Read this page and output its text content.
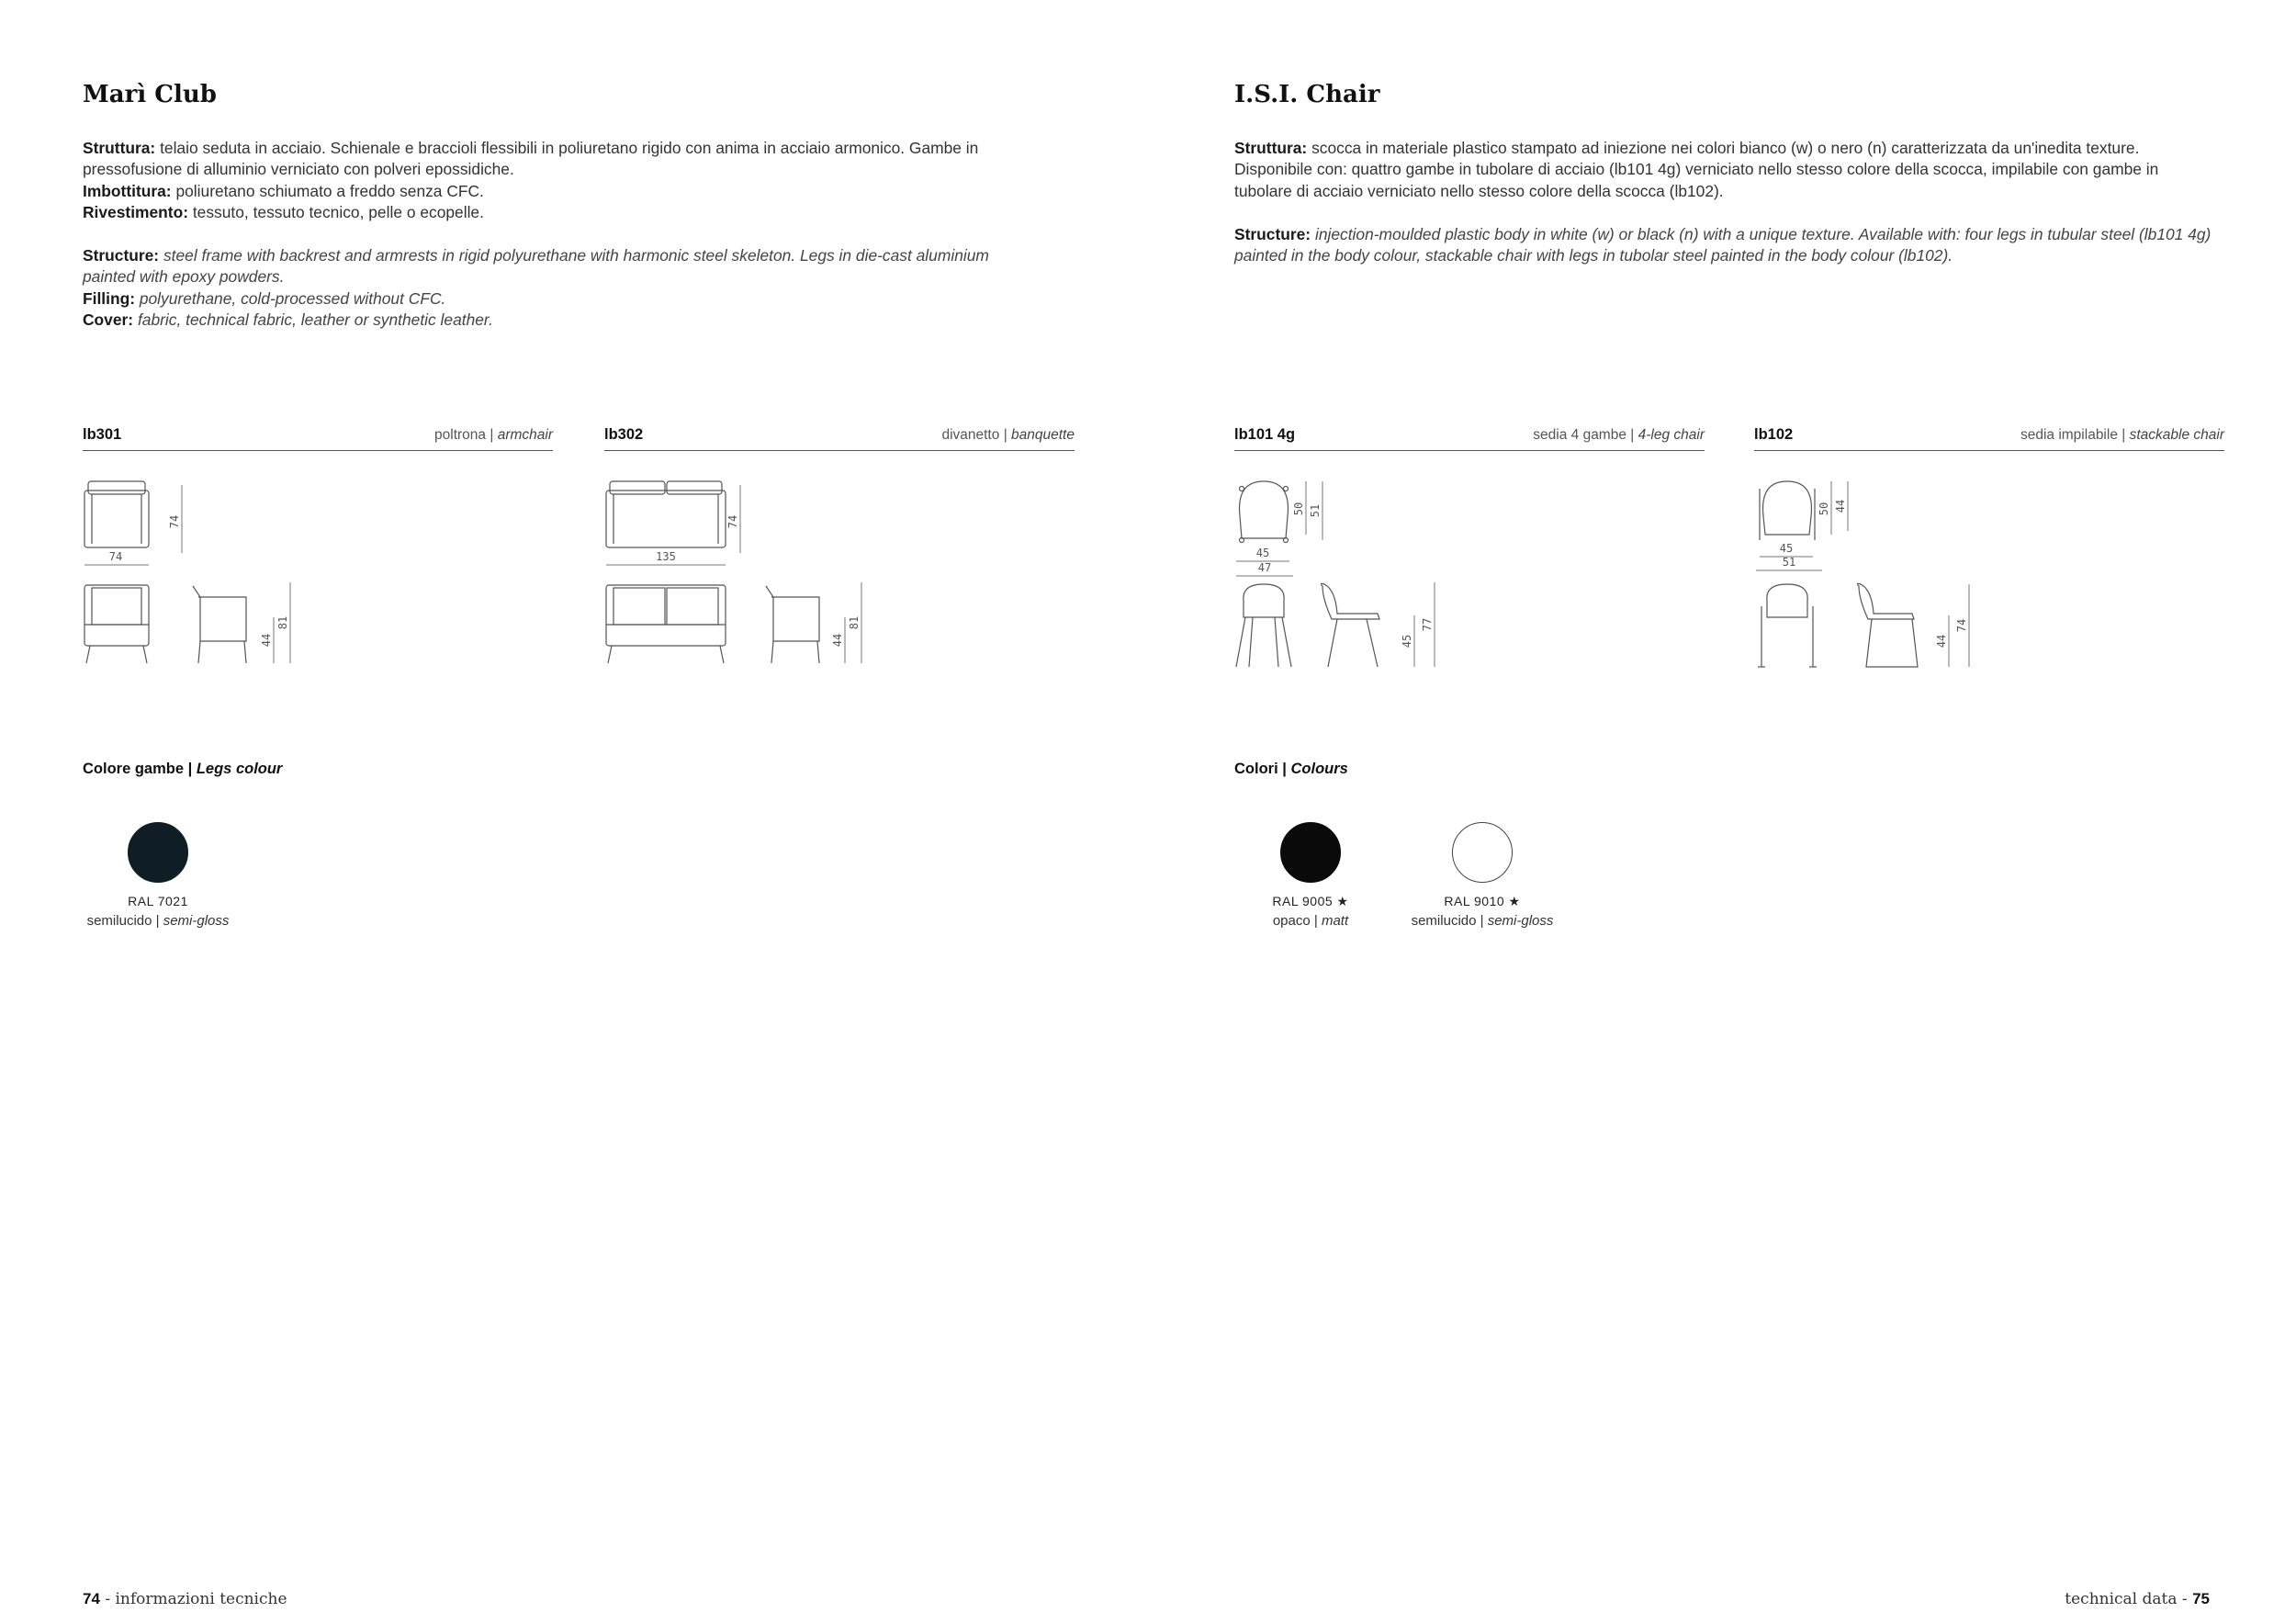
Marì Club

Struttura: telaio seduta in acciaio. Schienale e braccioli flessibili in poliuretano rigido con anima in acciaio armonico. Gambe in pressofusione di alluminio verniciato con polveri epossidiche.
Imbottitura: poliuretano schiumato a freddo senza CFC.
Rivestimento: tessuto, tessuto tecnico, pelle o ecopelle.

Structure: steel frame with backrest and armrests in rigid polyurethane with harmonic steel skeleton. Legs in die-cast aluminium painted with epoxy powders.
Filling: polyurethane, cold-processed without CFC.
Cover: fabric, technical fabric, leather or synthetic leather.

lb301	poltrona | armchair
74
74
44
81
lb302	divanetto | banquette
74
135
44
81
Colore gambe | Legs colour
RAL 7021
semilucido | semi-gloss
74 - informazioni tecniche
I.S.I. Chair

Struttura: scocca in materiale plastico stampato ad iniezione nei colori bianco (w) o nero (n) caratterizzata da un'inedita texture. Disponibile con: quattro gambe in tubolare di acciaio (lb101 4g) verniciato nello stesso colore della scocca, impilabile con gambe in tubolare di acciaio verniciato nello stesso colore della scocca (lb102).

Structure: injection-moulded plastic body in white (w) or black (n) with a unique texture. Available with: four legs in tubular steel (lb101 4g) painted in the body colour, stackable chair with legs in tubolar steel painted in the body colour (lb102).

lb101 4g	sedia 4 gambe | 4-leg chair
50 51
45
47
45
77
lb102	sedia impilabile | stackable chair
50 44
45
51
44
74
Colori | Colours
RAL 9005 ★
opaco | matt
RAL 9010 ★
semilucido | semi-gloss
technical data - 75
